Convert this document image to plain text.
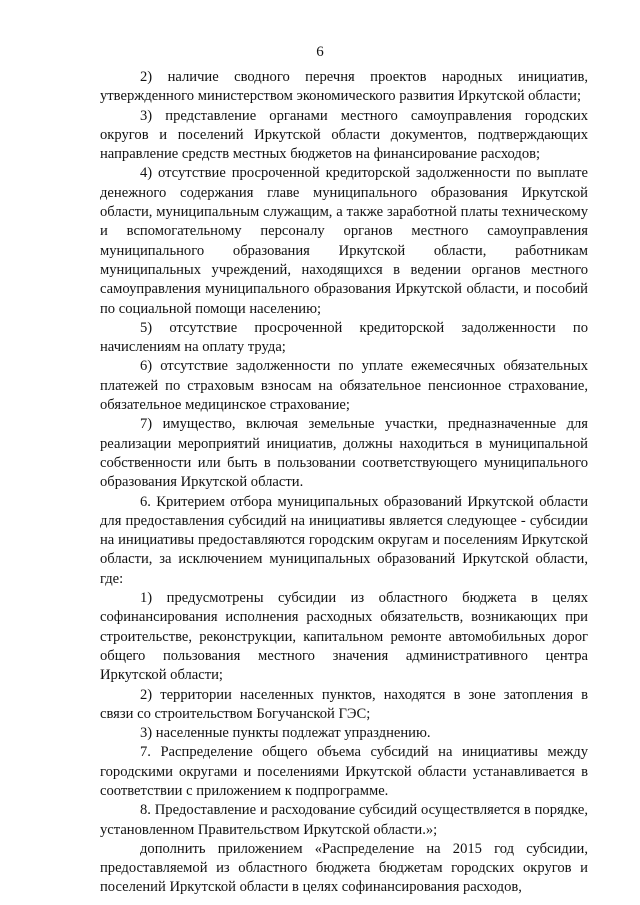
6

2) наличие сводного перечня проектов народных инициатив, утвержденного министерством экономического развития Иркутской области;

3) представление органами местного самоуправления городских округов и поселений Иркутской области документов, подтверждающих направление средств местных бюджетов на финансирование расходов;

4) отсутствие просроченной кредиторской задолженности по выплате денежного содержания главе муниципального образования Иркутской области, муниципальным служащим, а также заработной платы техническому и вспомогательному персоналу органов местного самоуправления муниципального образования Иркутской области, работникам муниципальных учреждений, находящихся в ведении органов местного самоуправления муниципального образования Иркутской области, и пособий по социальной помощи населению;

5) отсутствие просроченной кредиторской задолженности по начислениям на оплату труда;

6) отсутствие задолженности по уплате ежемесячных обязательных платежей по страховым взносам на обязательное пенсионное страхование, обязательное медицинское страхование;

7) имущество, включая земельные участки, предназначенные для реализации мероприятий инициатив, должны находиться в муниципальной собственности или быть в пользовании соответствующего муниципального образования Иркутской области.

6. Критерием отбора муниципальных образований Иркутской области для предоставления субсидий на инициативы является следующее - субсидии на инициативы предоставляются городским округам и поселениям Иркутской области, за исключением муниципальных образований Иркутской области, где:

1) предусмотрены субсидии из областного бюджета в целях софинансирования исполнения расходных обязательств, возникающих при строительстве, реконструкции, капитальном ремонте автомобильных дорог общего пользования местного значения административного центра Иркутской области;

2) территории населенных пунктов, находятся в зоне затопления в связи со строительством Богучанской ГЭС;

3) населенные пункты подлежат упразднению.

7. Распределение общего объема субсидий на инициативы между городскими округами и поселениями Иркутской области устанавливается в соответствии с приложением к подпрограмме.

8. Предоставление и расходование субсидий осуществляется в порядке, установленном Правительством Иркутской области.»;

дополнить приложением «Распределение на 2015 год субсидии, предоставляемой из областного бюджета бюджетам городских округов и поселений Иркутской области в целях софинансирования расходов,
